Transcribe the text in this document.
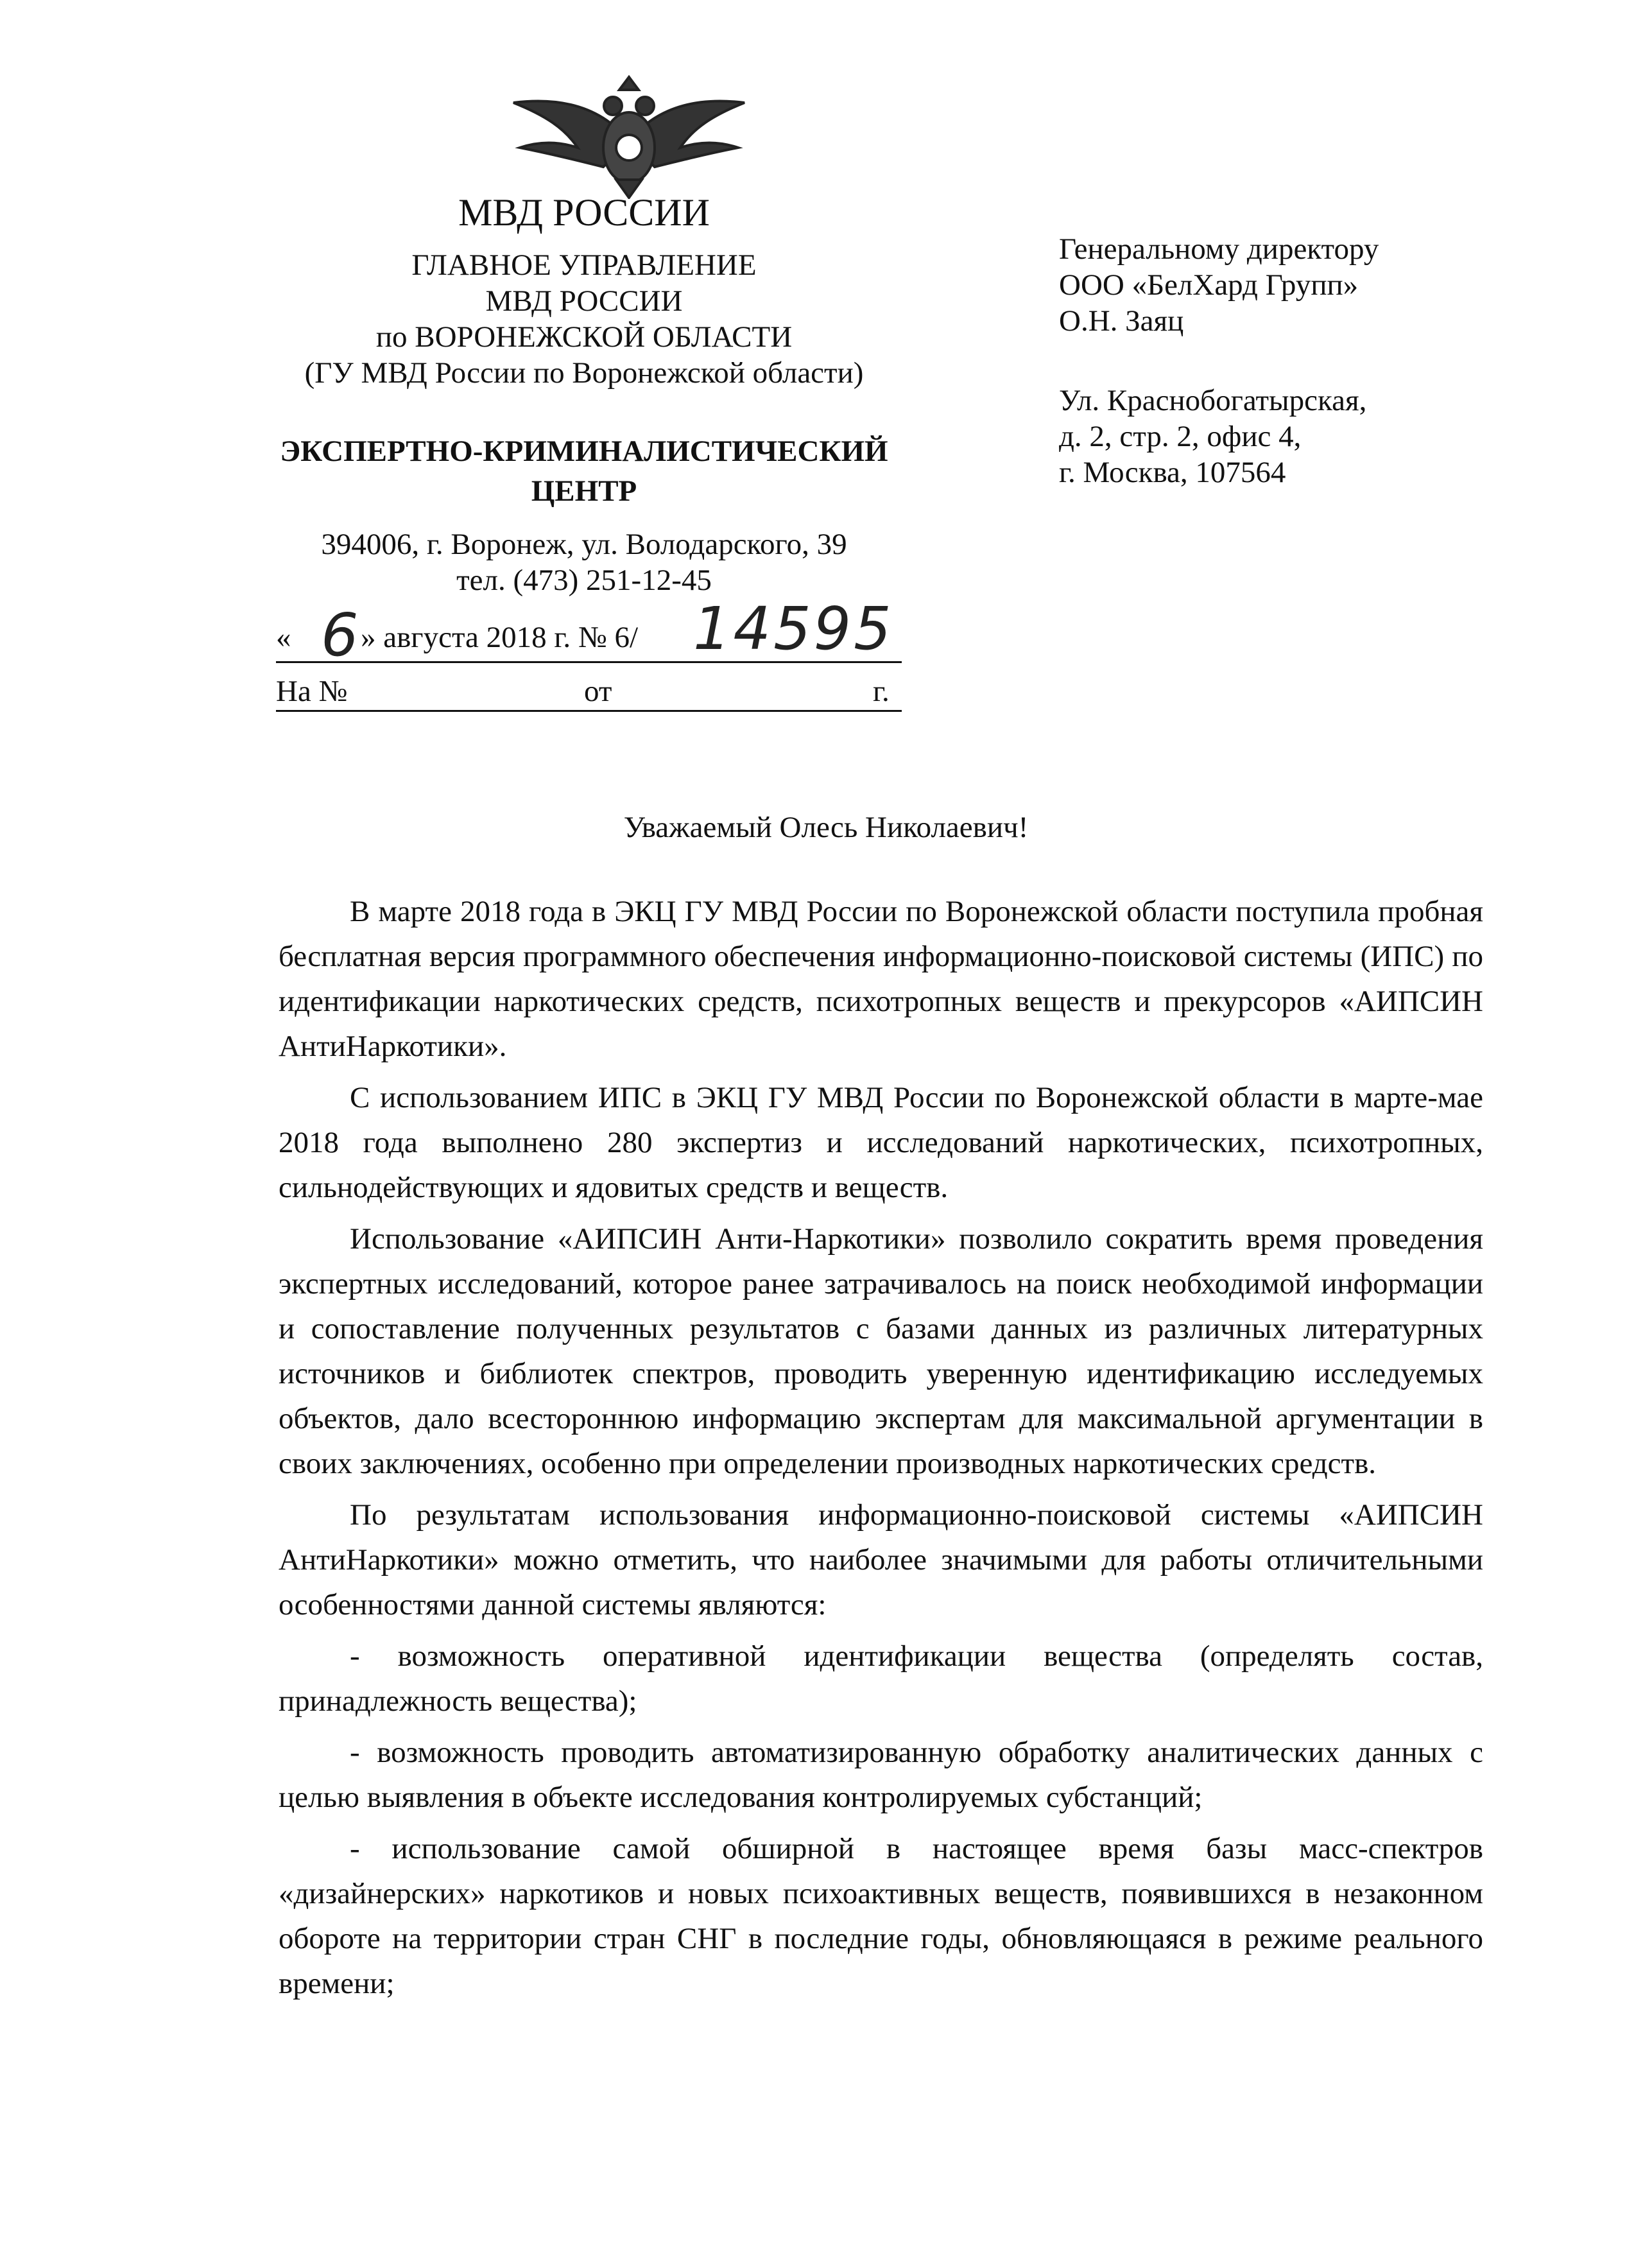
МВД РОССИИ
ГЛАВНОЕ УПРАВЛЕНИЕ
МВД РОССИИ
по ВОРОНЕЖСКОЙ ОБЛАСТИ
(ГУ МВД России по Воронежской области)
ЭКСПЕРТНО-КРИМИНАЛИСТИЧЕСКИЙ
ЦЕНТР
394006, г. Воронеж, ул. Володарского, 39
тел. (473) 251-12-45
« 6 » августа 2018 г. № 6/ 14595
На №	от	г.

Генеральному директору

ООО «БелХард Групп»

О.Н. Заяц

Ул. Краснобогатырская,

д. 2, стр. 2, офис 4,

г. Москва, 107564

Уважаемый Олесь Николаевич!

В марте 2018 года в ЭКЦ ГУ МВД России по Воронежской области поступила пробная бесплатная версия программного обеспечения информационно-поисковой системы (ИПС) по идентификации наркотических средств, психотропных веществ и прекурсоров «АИПСИН АнтиНаркотики».

С использованием ИПС в ЭКЦ ГУ МВД России по Воронежской области в марте-мае 2018 года выполнено 280 экспертиз и исследований наркотических, психотропных, сильнодействующих и ядовитых средств и веществ.

Использование «АИПСИН Анти-Наркотики» позволило сократить время проведения экспертных исследований, которое ранее затрачивалось на поиск необходимой информации и сопоставление полученных результатов с базами данных из различных литературных источников и библиотек спектров, проводить уверенную идентификацию исследуемых объектов, дало всестороннюю информацию экспертам для максимальной аргументации в своих заключениях, особенно при определении производных наркотических средств.

По результатам использования информационно-поисковой системы «АИПСИН АнтиНаркотики» можно отметить, что наиболее значимыми для работы отличительными особенностями данной системы являются:

- возможность оперативной идентификации вещества (определять состав, принадлежность вещества);

- возможность проводить автоматизированную обработку аналитических данных с целью выявления в объекте исследования контролируемых субстанций;

- использование самой обширной в настоящее время базы масс-спектров «дизайнерских» наркотиков и новых психоактивных веществ, появившихся в незаконном обороте на территории стран СНГ в последние годы, обновляющаяся в режиме реального времени;
